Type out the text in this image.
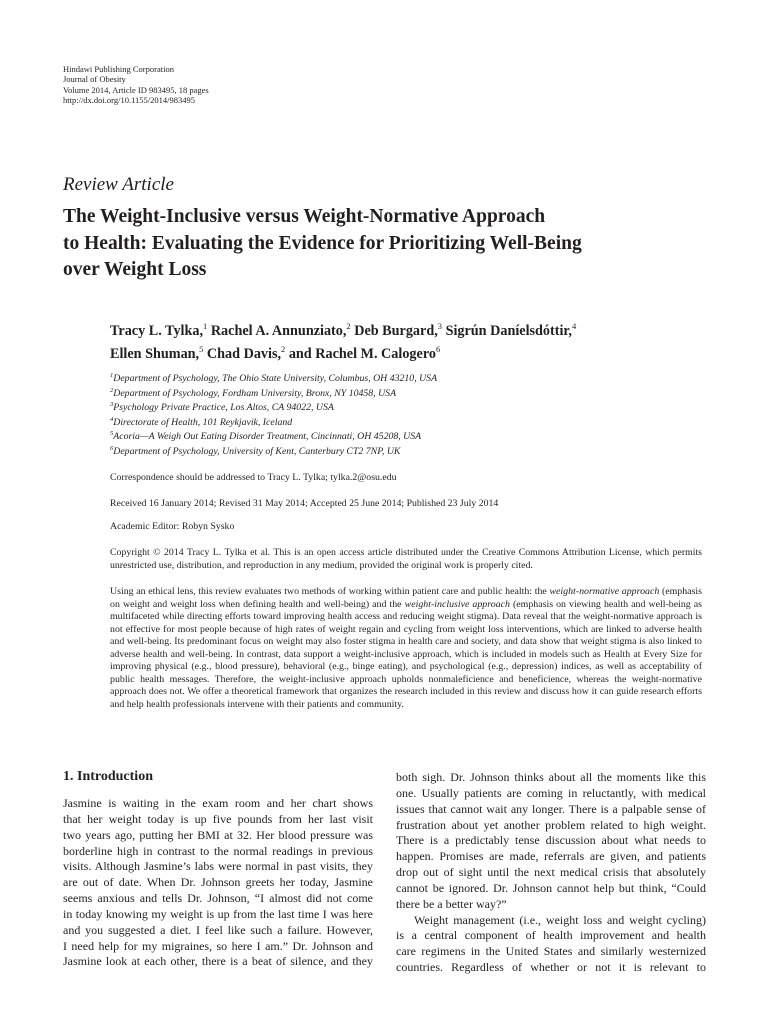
Hindawi Publishing Corporation
Journal of Obesity
Volume 2014, Article ID 983495, 18 pages
http://dx.doi.org/10.1155/2014/983495
Review Article
The Weight-Inclusive versus Weight-Normative Approach
to Health: Evaluating the Evidence for Prioritizing Well-Being
over Weight Loss
Tracy L. Tylka,$^1$ Rachel A. Annunziato,$^2$ Deb Burgard,$^3$ Sigrún Daníelsdóttir,$^4$
Ellen Shuman,$^5$ Chad Davis,$^2$ and Rachel M. Calogero$^6$
$^1$Department of Psychology, The Ohio State University, Columbus, OH 43210, USA
$^2$Department of Psychology, Fordham University, Bronx, NY 10458, USA
$^3$Psychology Private Practice, Los Altos, CA 94022, USA
$^4$Directorate of Health, 101 Reykjavik, Iceland
$^5$Acoria—A Weigh Out Eating Disorder Treatment, Cincinnati, OH 45208, USA
$^6$Department of Psychology, University of Kent, Canterbury CT2 7NP, UK
Correspondence should be addressed to Tracy L. Tylka; tylka.2@osu.edu
Received 16 January 2014; Revised 31 May 2014; Accepted 25 June 2014; Published 23 July 2014
Academic Editor: Robyn Sysko
Copyright © 2014 Tracy L. Tylka et al. This is an open access article distributed under the Creative Commons Attribution License, which permits unrestricted use, distribution, and reproduction in any medium, provided the original work is properly cited.
Using an ethical lens, this review evaluates two methods of working within patient care and public health: the weight-normative approach (emphasis on weight and weight loss when defining health and well-being) and the weight-inclusive approach (emphasis on viewing health and well-being as multifaceted while directing efforts toward improving health access and reducing weight stigma). Data reveal that the weight-normative approach is not effective for most people because of high rates of weight regain and cycling from weight loss interventions, which are linked to adverse health and well-being. Its predominant focus on weight may also foster stigma in health care and society, and data show that weight stigma is also linked to adverse health and well-being. In contrast, data support a weight-inclusive approach, which is included in models such as Health at Every Size for improving physical (e.g., blood pressure), behavioral (e.g., binge eating), and psychological (e.g., depression) indices, as well as acceptability of public health messages. Therefore, the weight-inclusive approach upholds nonmaleficience and beneficience, whereas the weight-normative approach does not. We offer a theoretical framework that organizes the research included in this review and discuss how it can guide research efforts and help health professionals intervene with their patients and community.
1. Introduction

Jasmine is waiting in the exam room and her chart shows
that her weight today is up five pounds from her last visit
two years ago, putting her BMI at 32. Her blood pressure was
borderline high in contrast to the normal readings in previous
visits. Although Jasmine’s labs were normal in past visits, they
are out of date. When Dr. Johnson greets her today, Jasmine
seems anxious and tells Dr. Johnson, “I almost did not come
in today knowing my weight is up from the last time I was here
and you suggested a diet. I feel like such a failure. However,
I need help for my migraines, so here I am.” Dr. Johnson and
Jasmine look at each other, there is a beat of silence, and they

both sigh. Dr. Johnson thinks about all the moments like this
one. Usually patients are coming in reluctantly, with medical
issues that cannot wait any longer. There is a palpable sense of
frustration about yet another problem related to high weight.
There is a predictably tense discussion about what needs to
happen. Promises are made, referrals are given, and patients
drop out of sight until the next medical crisis that absolutely
cannot be ignored. Dr. Johnson cannot help but think, “Could
there be a better way?”

Weight management (i.e., weight loss and weight cycling)
is a central component of health improvement and health
care regimens in the United States and similarly westernized
countries. Regardless of whether or not it is relevant to
